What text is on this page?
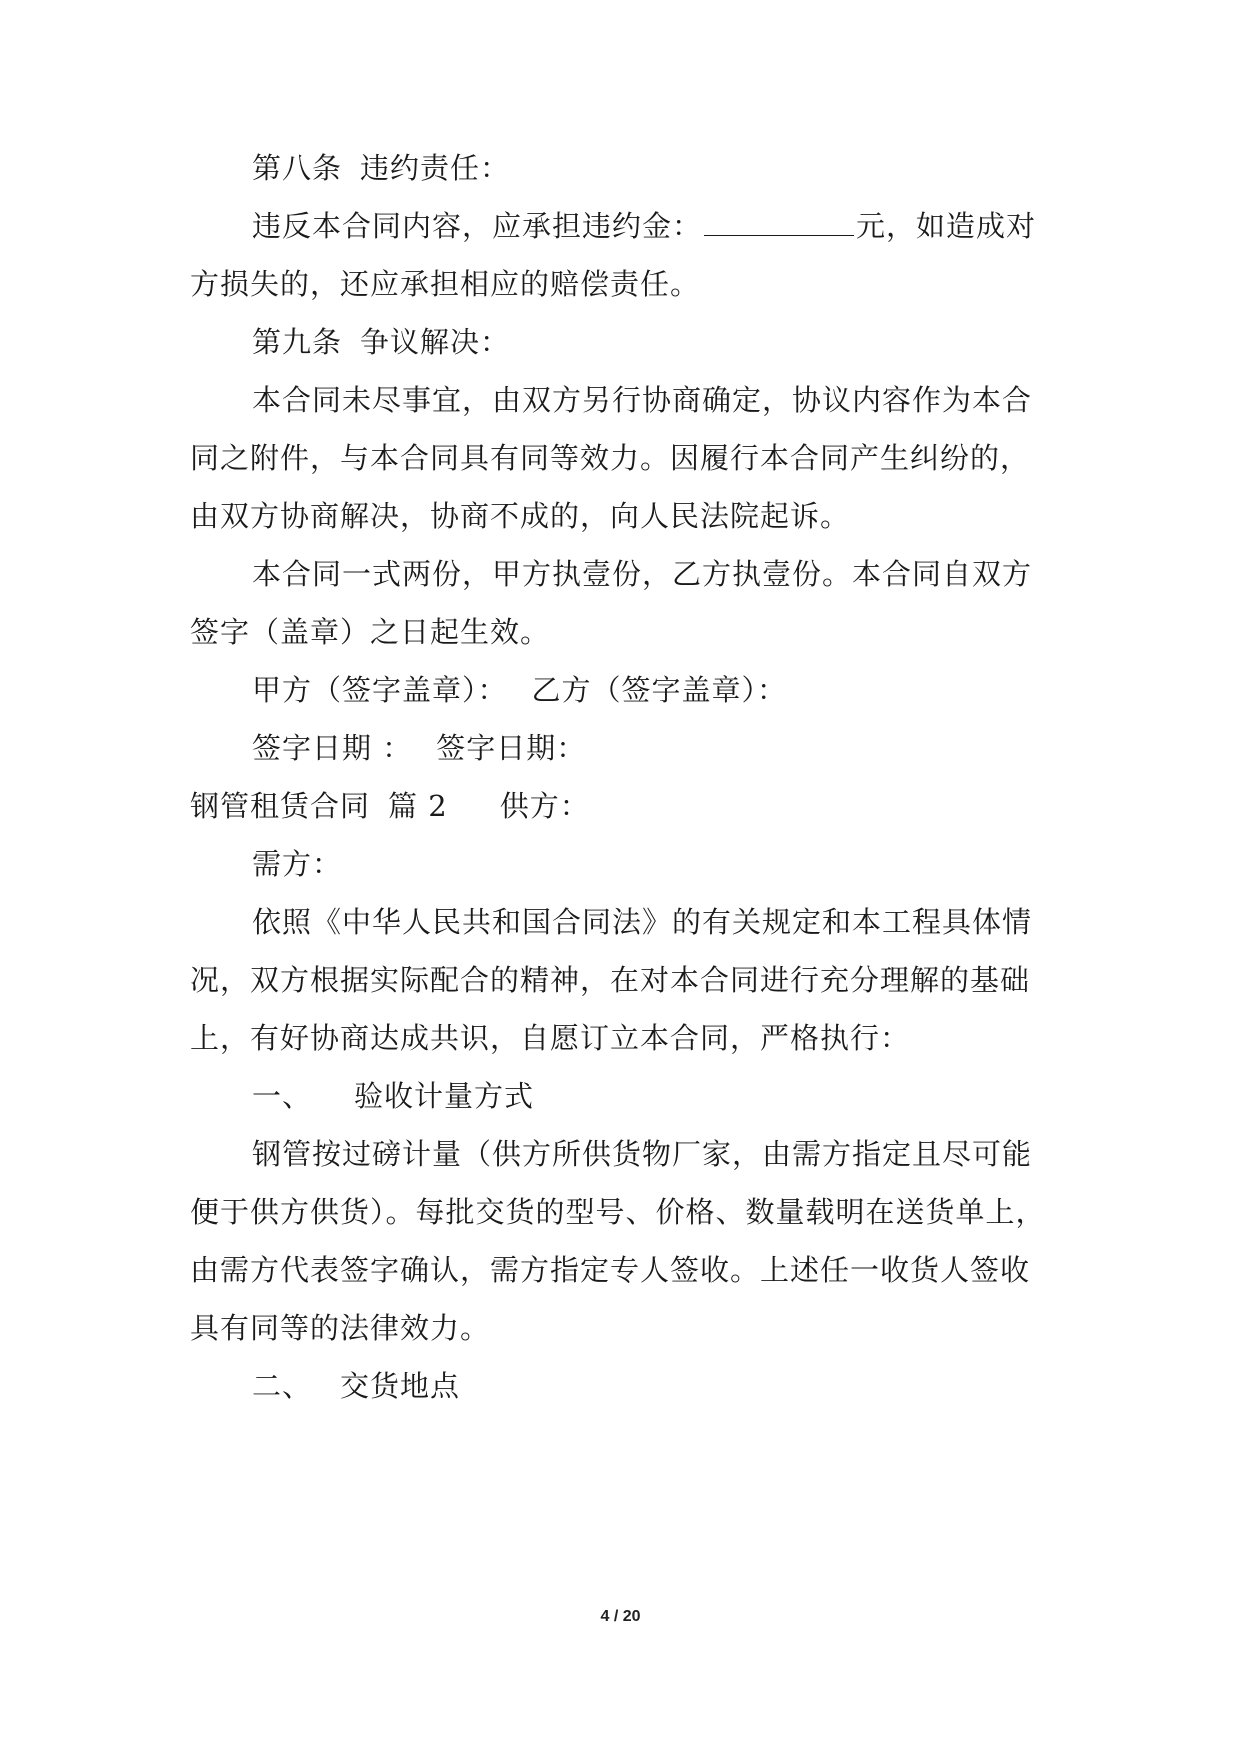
第八条 违约责任：
违反本合同内容，应承担违约金：	元，如造成对
方损失的，还应承担相应的赔偿责任。
第九条 争议解决：
本合同未尽事宜，由双方另行协商确定，协议内容作为本合
同之附件，与本合同具有同等效力。因履行本合同产生纠纷的，
由双方协商解决，协商不成的，向人民法院起诉。
本合同一式两份，甲方执壹份，乙方执壹份。本合同自双方
签字（盖章）之日起生效。
甲方（签字盖章）： 乙方（签字盖章）：
签字日期 ： 签字日期：
钢管租赁合同 篇 2 供方：
需方：
依照《中华人民共和国合同法》的有关规定和本工程具体情
况，双方根据实际配合的精神，在对本合同进行充分理解的基础
上，有好协商达成共识，自愿订立本合同，严格执行：
一、 验收计量方式
钢管按过磅计量（供方所供货物厂家，由需方指定且尽可能
便于供方供货）。每批交货的型号、价格、数量载明在送货单上，
由需方代表签字确认，需方指定专人签收。上述任一收货人签收
具有同等的法律效力。
二、 交货地点
4 / 20
